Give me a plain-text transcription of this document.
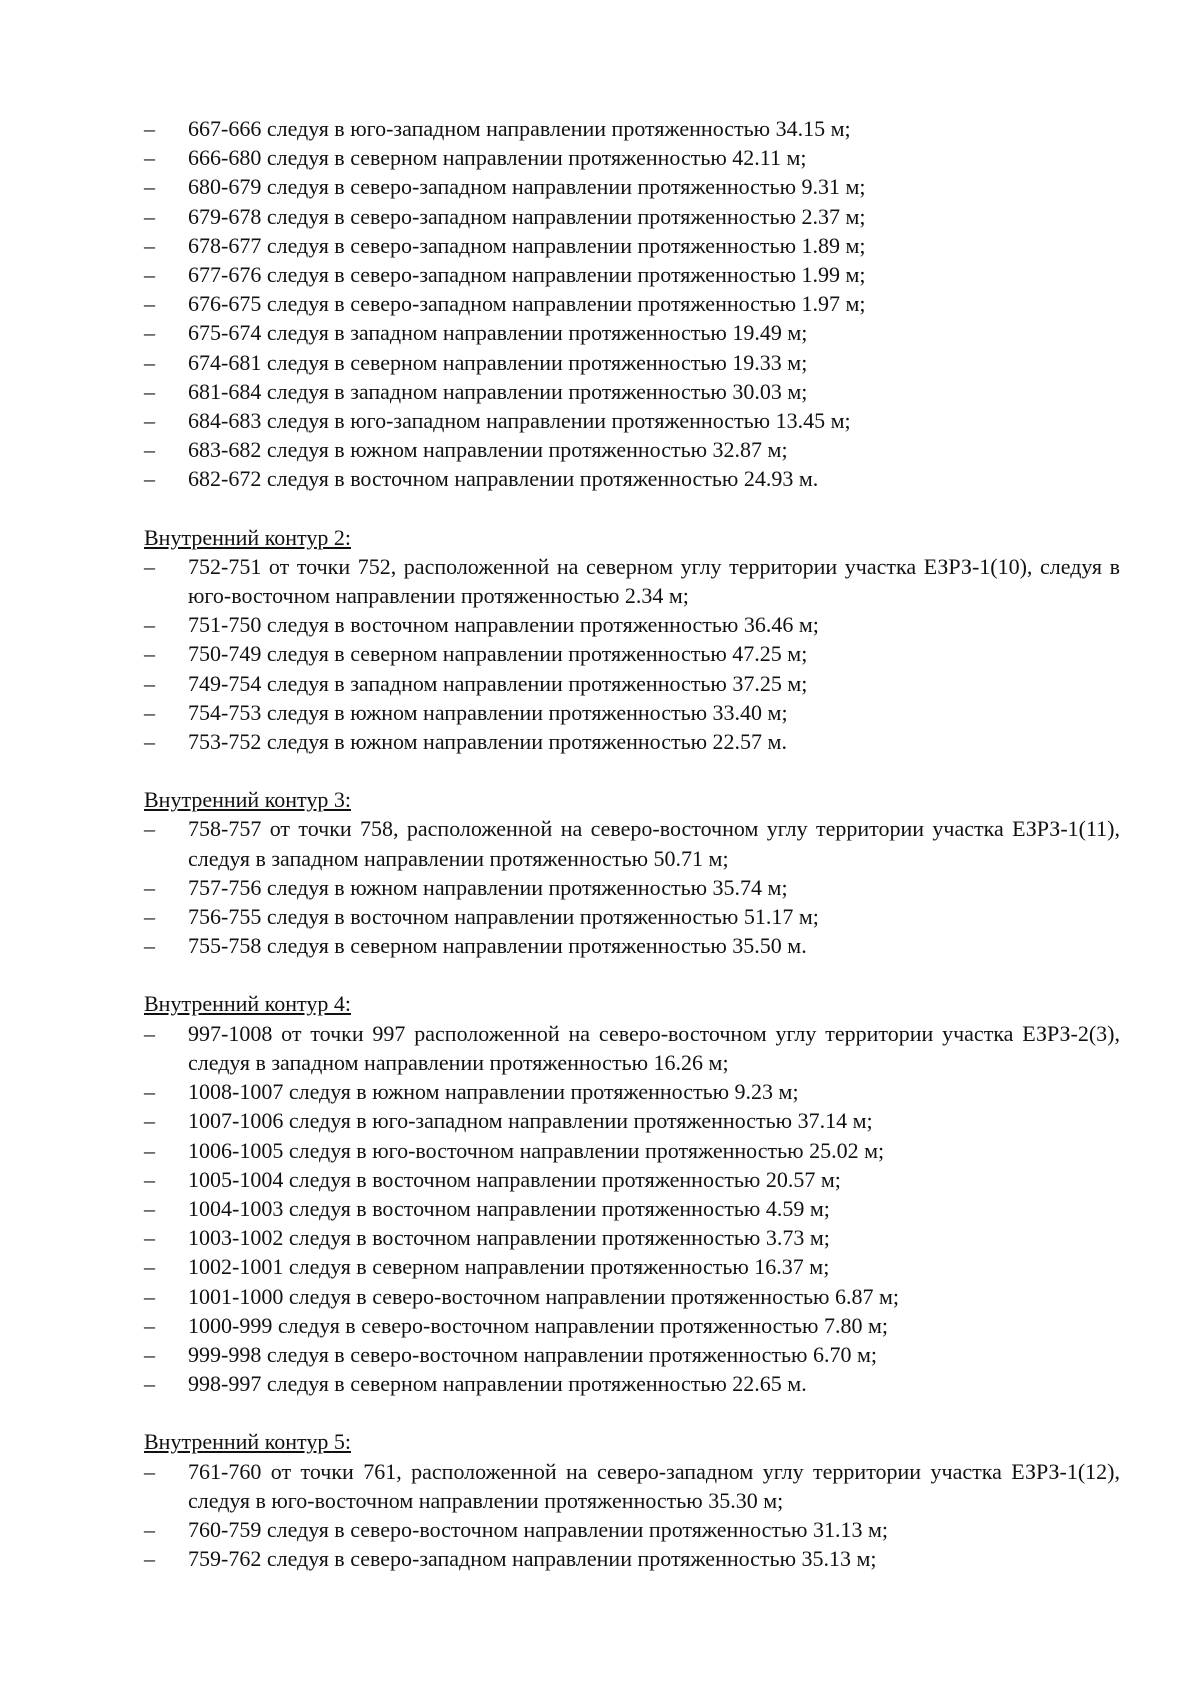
–	667-666 следуя в юго-западном направлении протяженностью 34.15 м;
–	666-680 следуя в северном направлении протяженностью 42.11 м;
–	680-679 следуя в северо-западном направлении протяженностью 9.31 м;
–	679-678 следуя в северо-западном направлении протяженностью 2.37 м;
–	678-677 следуя в северо-западном направлении протяженностью 1.89 м;
–	677-676 следуя в северо-западном направлении протяженностью 1.99 м;
–	676-675 следуя в северо-западном направлении протяженностью 1.97 м;
–	675-674 следуя в западном направлении протяженностью 19.49 м;
–	674-681 следуя в северном направлении протяженностью 19.33 м;
–	681-684 следуя в западном направлении протяженностью 30.03 м;
–	684-683 следуя в юго-западном направлении протяженностью 13.45 м;
–	683-682 следуя в южном направлении протяженностью 32.87 м;
–	682-672 следуя в восточном направлении протяженностью 24.93 м.
Внутренний контур 2:
–	752-751 от точки 752, расположенной на северном углу территории участка ЕЗРЗ-1(10), следуя в юго-восточном направлении протяженностью 2.34 м;
–	751-750 следуя в восточном направлении протяженностью 36.46 м;
–	750-749 следуя в северном направлении протяженностью 47.25 м;
–	749-754 следуя в западном направлении протяженностью 37.25 м;
–	754-753 следуя в южном направлении протяженностью 33.40 м;
–	753-752 следуя в южном направлении протяженностью 22.57 м.
Внутренний контур 3:
–	758-757 от точки 758, расположенной на северо-восточном углу территории участка ЕЗРЗ-1(11), следуя в западном направлении протяженностью 50.71 м;
–	757-756 следуя в южном направлении протяженностью 35.74 м;
–	756-755 следуя в восточном направлении протяженностью 51.17 м;
–	755-758 следуя в северном направлении протяженностью 35.50 м.
Внутренний контур 4:
–	997-1008 от точки 997 расположенной на северо-восточном углу территории участка ЕЗРЗ-2(3), следуя в западном направлении протяженностью 16.26 м;
–	1008-1007 следуя в южном направлении протяженностью 9.23 м;
–	1007-1006 следуя в юго-западном направлении протяженностью 37.14 м;
–	1006-1005 следуя в юго-восточном направлении протяженностью 25.02 м;
–	1005-1004 следуя в восточном направлении протяженностью 20.57 м;
–	1004-1003 следуя в восточном направлении протяженностью 4.59 м;
–	1003-1002 следуя в восточном направлении протяженностью 3.73 м;
–	1002-1001 следуя в северном направлении протяженностью 16.37 м;
–	1001-1000 следуя в северо-восточном направлении протяженностью 6.87 м;
–	1000-999 следуя в северо-восточном направлении протяженностью 7.80 м;
–	999-998 следуя в северо-восточном направлении протяженностью 6.70 м;
–	998-997 следуя в северном направлении протяженностью 22.65 м.
Внутренний контур 5:
–	761-760 от точки 761, расположенной на северо-западном углу территории участка ЕЗРЗ-1(12), следуя в юго-восточном направлении протяженностью 35.30 м;
–	760-759 следуя в северо-восточном направлении протяженностью 31.13 м;
–	759-762 следуя в северо-западном направлении протяженностью 35.13 м;
